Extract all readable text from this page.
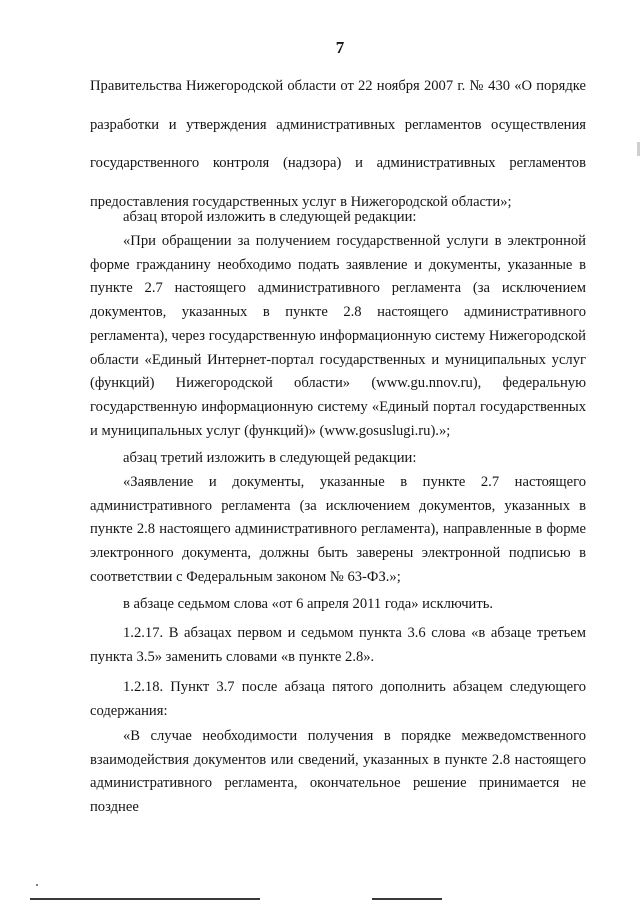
7

Правительства Нижегородской области от 22 ноября 2007 г. № 430 «О порядке разработки и утверждения административных регламентов осуществления государственного контроля (надзора) и административных регламентов предоставления государственных услуг в Нижегородской области»;

абзац второй изложить в следующей редакции:

«При обращении за получением государственной услуги в электронной форме гражданину необходимо подать заявление и документы, указанные в пункте 2.7 настоящего административного регламента (за исключением документов, указанных в пункте 2.8 настоящего административного регламента), через государственную информационную систему Нижегородской области «Единый Интернет-портал государственных и муниципальных услуг (функций) Нижегородской области» (www.gu.nnov.ru), федеральную государственную информационную систему «Единый портал государственных и муниципальных услуг (функций)» (www.gosuslugi.ru).»;

абзац третий изложить в следующей редакции:

«Заявление и документы, указанные в пункте 2.7 настоящего административного регламента (за исключением документов, указанных в пункте 2.8 настоящего административного регламента), направленные в форме электронного документа, должны быть заверены электронной подписью в соответствии с Федеральным законом № 63-ФЗ.»;

в абзаце седьмом слова «от 6 апреля 2011 года» исключить.

1.2.17. В абзацах первом и седьмом пункта 3.6 слова «в абзаце третьем пункта 3.5» заменить словами «в пункте 2.8».

1.2.18. Пункт 3.7 после абзаца пятого дополнить абзацем следующего содержания:

«В случае необходимости получения в порядке межведомственного взаимодействия документов или сведений, указанных в пункте 2.8 настоящего административного регламента, окончательное решение принимается не позднее
